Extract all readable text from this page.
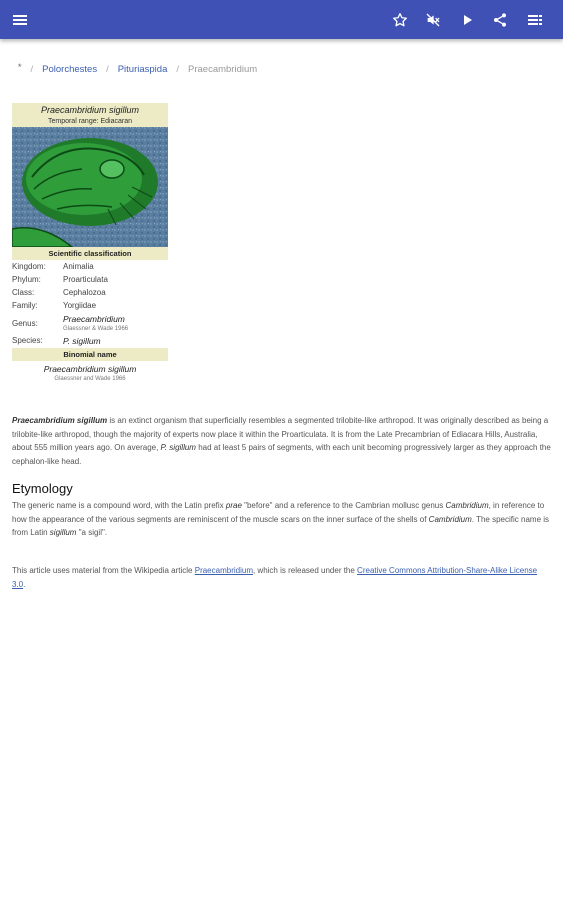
* / Polorchestes / Pituriaspida / Praecambridium
Praecambridium sigillum
Temporal range: Ediacaran
Scientific classification
Kingdom:	Animalia
Phylum:	Proarticulata
Class:	Cephalozoa
Family:	Yorgiidae
Genus:	Praecambridium
Glaessner & Wade 1966
Species:	P. sigillum
Binomial name
Praecambridium sigillum
Glaessner and Wade 1966

Praecambridium sigillum is an extinct organism that superficially resembles a segmented trilobite-like arthropod. It was originally described as being a trilobite-like arthropod, though the majority of experts now place it within the Proarticulata. It is from the Late Precambrian of Ediacara Hills, Australia, about 555 million years ago. On average, P. sigillum had at least 5 pairs of segments, with each unit becoming progressively larger as they approach the cephalon-like head.

Etymology

The generic name is a compound word, with the Latin prefix prae "before" and a reference to the Cambrian mollusc genus Cambridium, in reference to how the appearance of the various segments are reminiscent of the muscle scars on the inner surface of the shells of Cambridium. The specific name is from Latin sigillum "a sigil".

This article uses material from the Wikipedia article Praecambridium, which is released under the Creative Commons Attribution-Share-Alike License 3.0.
